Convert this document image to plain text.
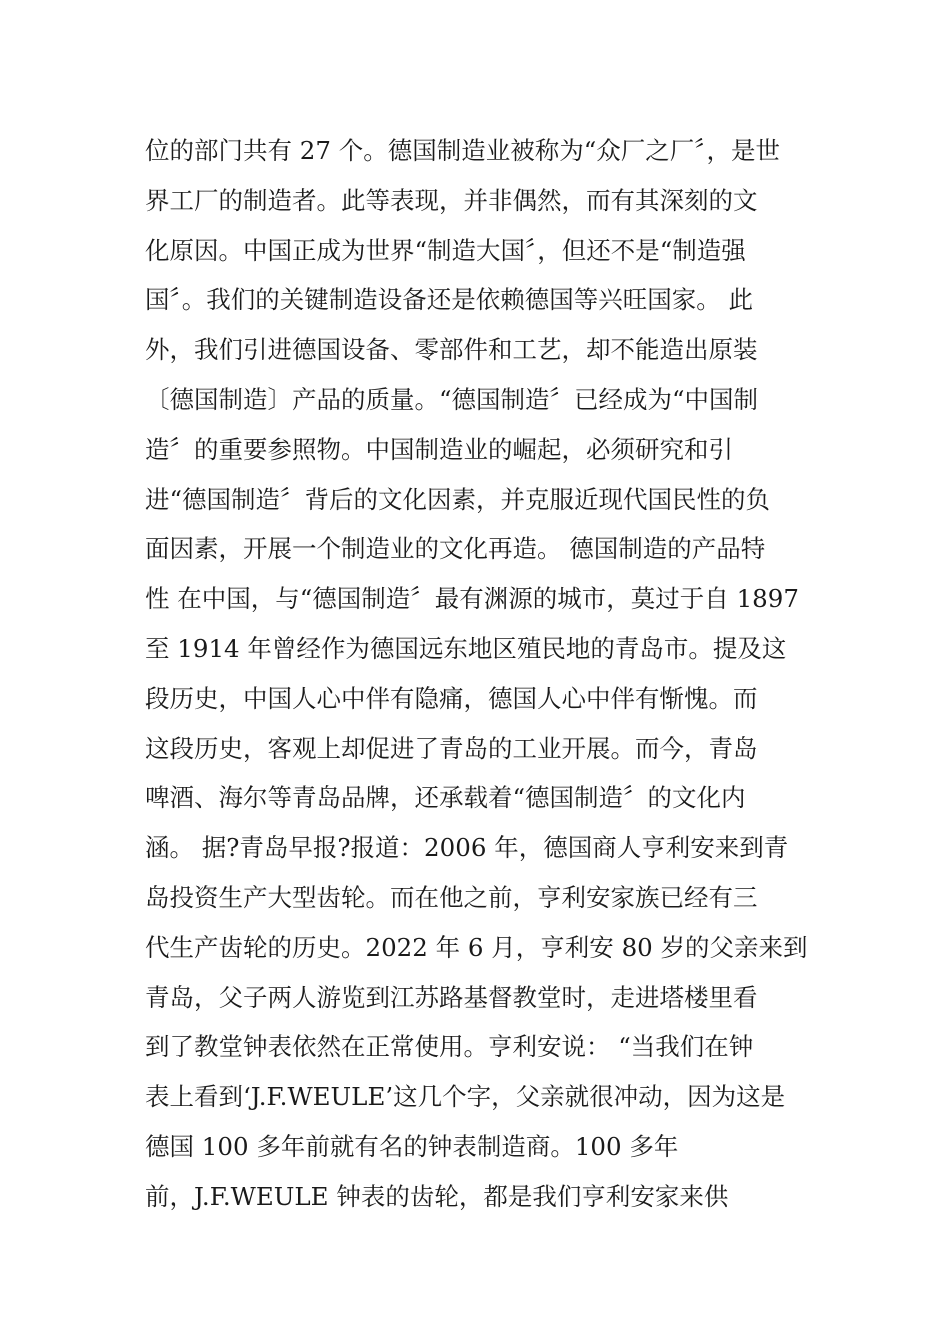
位的部门共有 27 个。德国制造业被称为“众厂之厂〞，是世
界工厂的制造者。此等表现，并非偶然，而有其深刻的文
化原因。中国正成为世界“制造大国〞，但还不是“制造强
国〞。我们的关键制造设备还是依赖德国等兴旺国家。 此
外，我们引进德国设备、零部件和工艺，却不能造出原装
〔德国制造〕产品的质量。“德国制造〞已经成为“中国制
造〞的重要参照物。中国制造业的崛起，必须研究和引
进“德国制造〞背后的文化因素，并克服近现代国民性的负
面因素，开展一个制造业的文化再造。 德国制造的产品特
性 在中国，与“德国制造〞最有渊源的城市，莫过于自 1897
至 1914 年曾经作为德国远东地区殖民地的青岛市。提及这
段历史，中国人心中伴有隐痛，德国人心中伴有惭愧。而
这段历史，客观上却促进了青岛的工业开展。而今，青岛
啤酒、海尔等青岛品牌，还承载着“德国制造〞的文化内
涵。 据?青岛早报?报道：2006 年，德国商人亨利安来到青
岛投资生产大型齿轮。而在他之前，亨利安家族已经有三
代生产齿轮的历史。2022 年 6 月，亨利安 80 岁的父亲来到
青岛，父子两人游览到江苏路基督教堂时，走进塔楼里看
到了教堂钟表依然在正常使用。亨利安说： “当我们在钟
表上看到‘J.F.WEULE’这几个字，父亲就很冲动，因为这是
德国 100 多年前就有名的钟表制造商。100 多年
前，J.F.WEULE 钟表的齿轮，都是我们亨利安家来供
